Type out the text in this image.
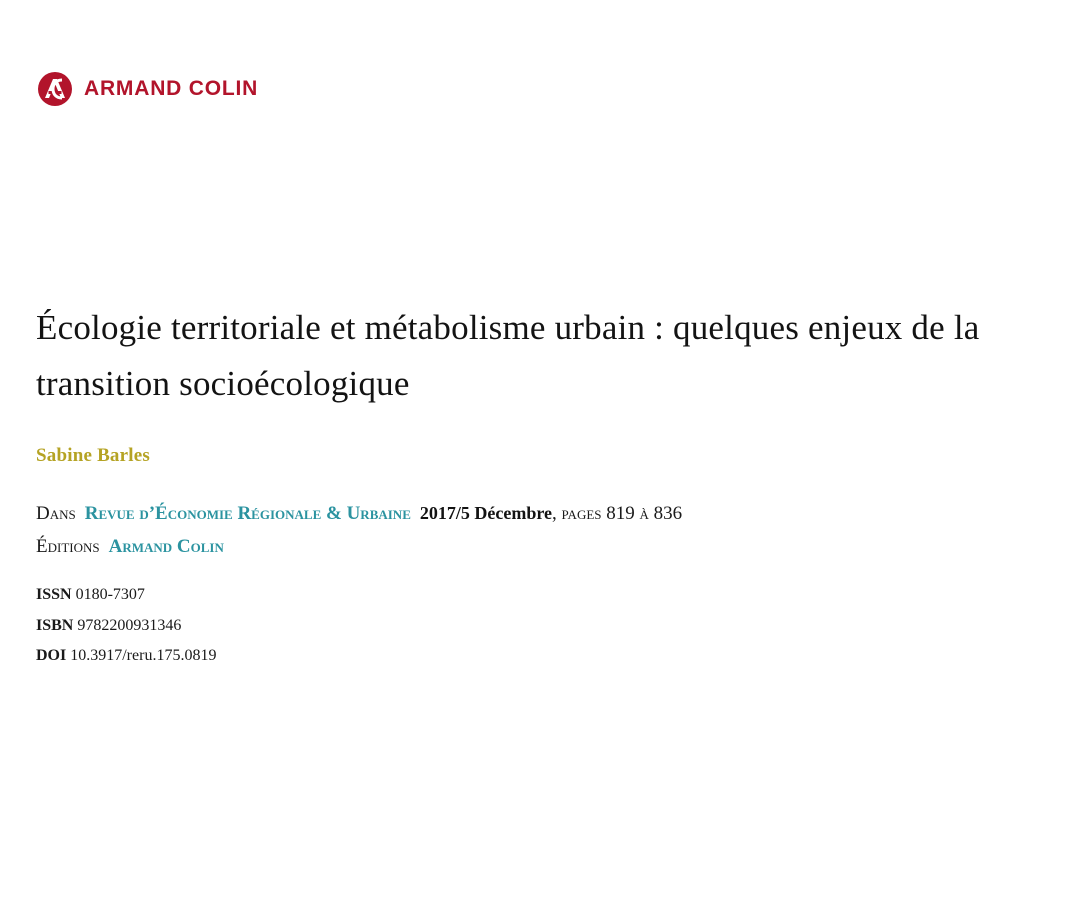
ARMAND COLIN
Écologie territoriale et métabolisme urbain : quelques enjeux de la transition socioécologique
Sabine Barles
Dans Revue d’Économie Régionale & Urbaine 2017/5 Décembre, pages 819 à 836
Éditions Armand Colin
ISSN 0180-7307
ISBN 9782200931346
DOI 10.3917/reru.175.0819
